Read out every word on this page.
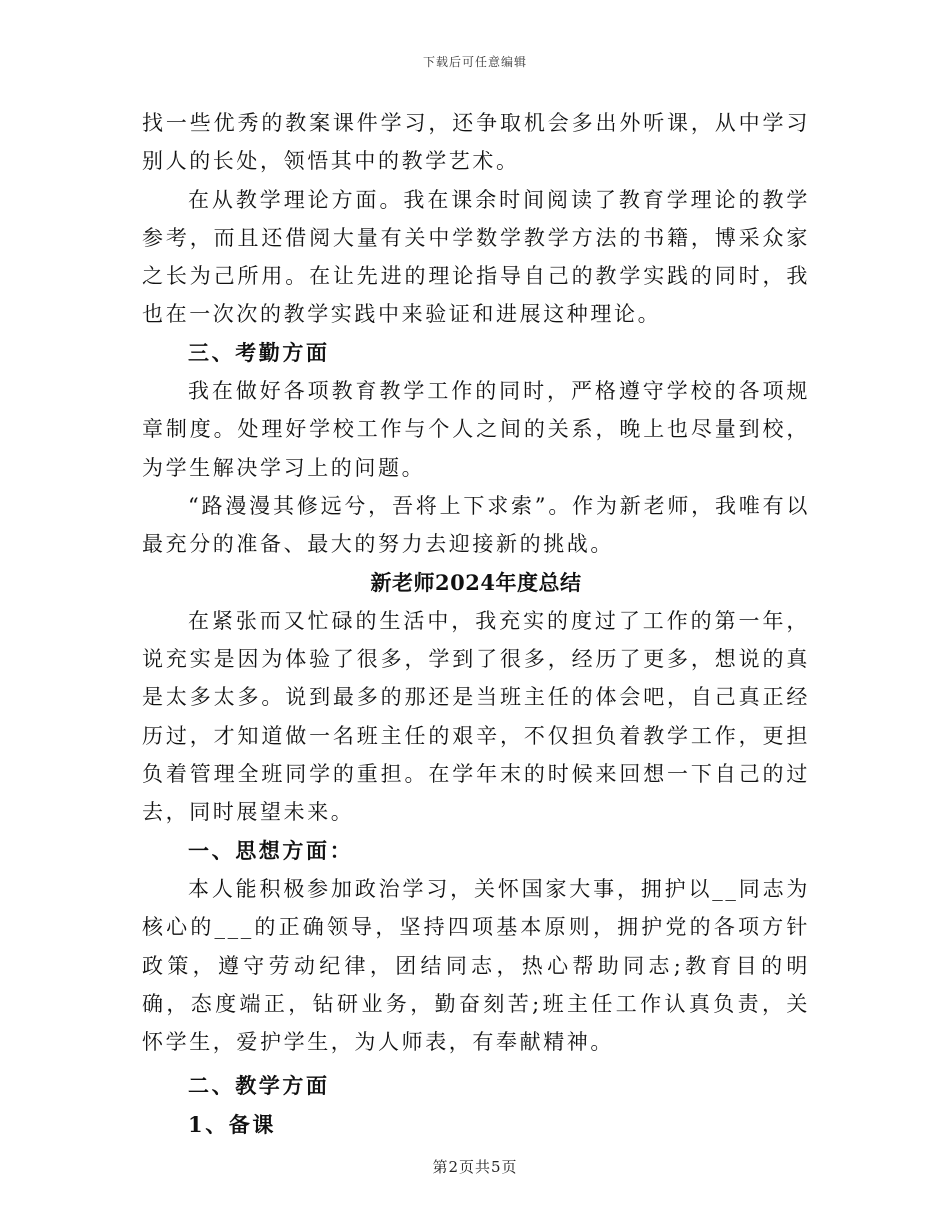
下载后可任意编辑

找一些优秀的教案课件学习，还争取机会多出外听课，从中学习别人的长处，领悟其中的教学艺术。

在从教学理论方面。我在课余时间阅读了教育学理论的教学参考，而且还借阅大量有关中学数学教学方法的书籍，博采众家之长为己所用。在让先进的理论指导自己的教学实践的同时，我也在一次次的教学实践中来验证和进展这种理论。

三、考勤方面

我在做好各项教育教学工作的同时，严格遵守学校的各项规章制度。处理好学校工作与个人之间的关系，晚上也尽量到校，为学生解决学习上的问题。

“路漫漫其修远兮，吾将上下求索”。作为新老师，我唯有以最充分的准备、最大的努力去迎接新的挑战。

新老师2024年度总结

在紧张而又忙碌的生活中，我充实的度过了工作的第一年，说充实是因为体验了很多，学到了很多，经历了更多，想说的真是太多太多。说到最多的那还是当班主任的体会吧，自己真正经历过，才知道做一名班主任的艰辛，不仅担负着教学工作，更担负着管理全班同学的重担。在学年末的时候来回想一下自己的过去，同时展望未来。

一、思想方面：

本人能积极参加政治学习，关怀国家大事，拥护以__同志为核心的___的正确领导，坚持四项基本原则，拥护党的各项方针政策，遵守劳动纪律，团结同志，热心帮助同志;教育目的明确，态度端正，钻研业务，勤奋刻苦;班主任工作认真负责，关怀学生，爱护学生，为人师表，有奉献精神。

二、教学方面

1、备课

第2页共5页
